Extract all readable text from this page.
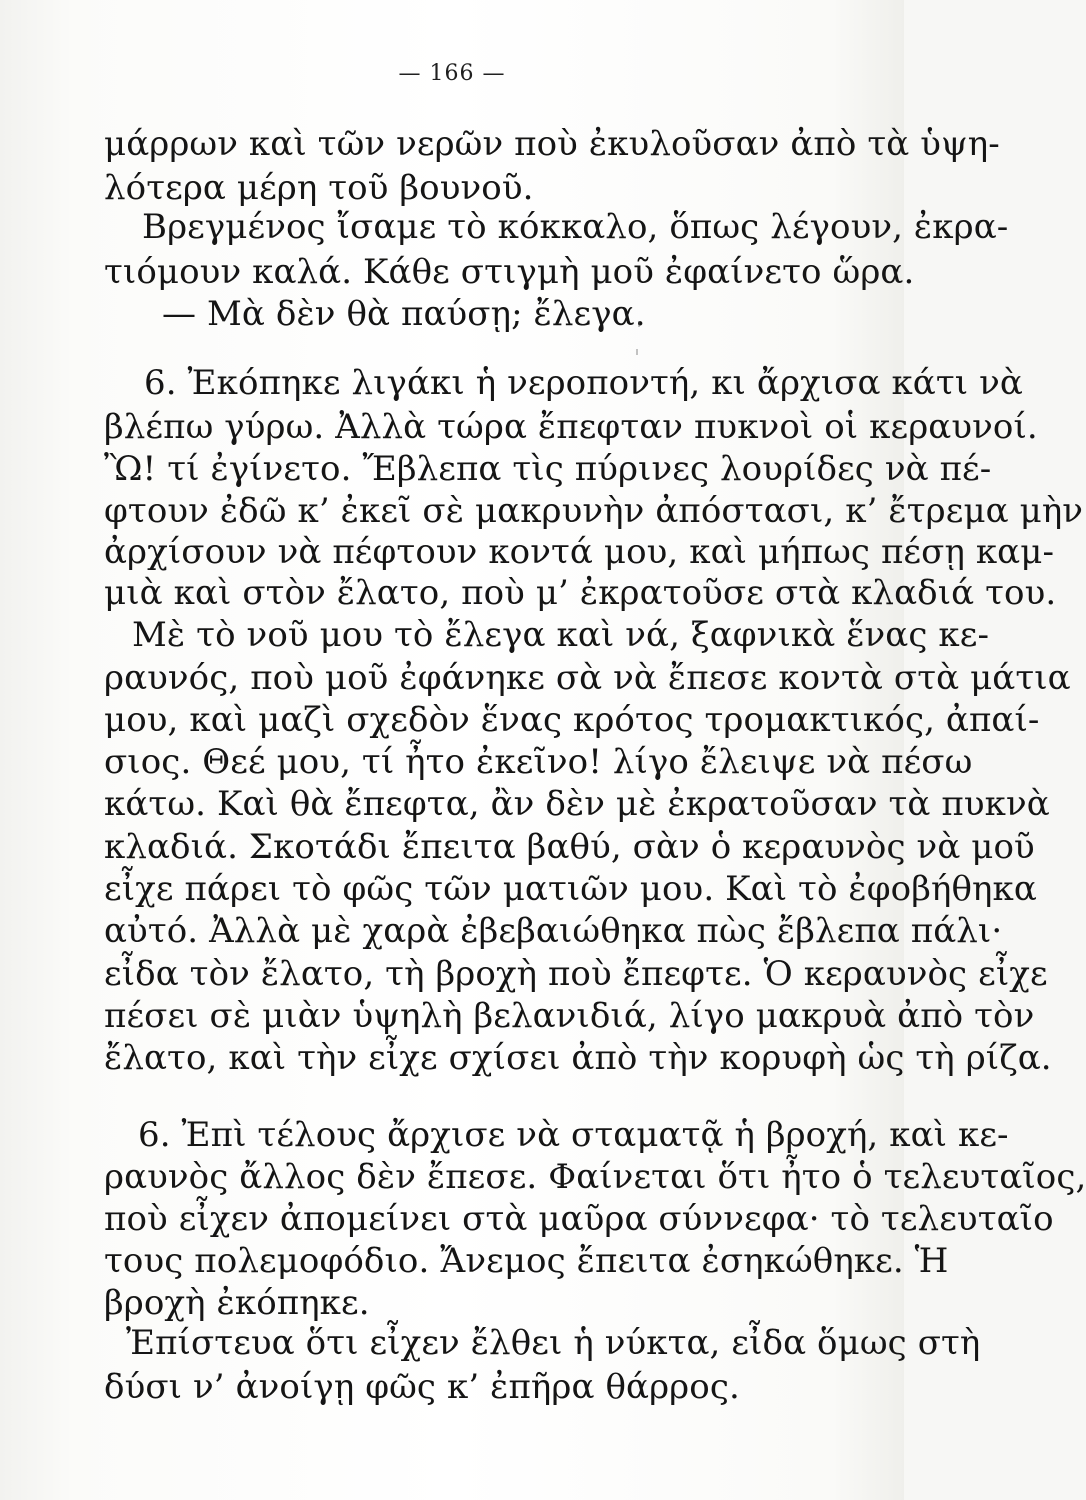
— 166 —
μάρρων καὶ τῶν νερῶν ποὺ ἐκυλοῦσαν ἀπὸ τὰ ὑψη-
λότερα μέρη τοῦ βουνοῦ.
Βρεγμένος ἴσαμε τὸ κόκκαλο, ὅπως λέγουν, ἐκρα-
τιόμουν καλά. Κάθε στιγμὴ μοῦ ἐφαίνετο ὥρα.
— Μὰ δὲν θὰ παύσῃ; ἔλεγα.
6. Ἐκόπηκε λιγάκι ἡ νεροποντή, κι ἄρχισα κάτι νὰ
βλέπω γύρω. Ἀλλὰ τώρα ἔπεφταν πυκνοὶ οἱ κεραυνοί.
Ὢ! τί ἐγίνετο. Ἔβλεπα τὶς πύρινες λουρίδες νὰ πέ-
φτουν ἐδῶ κ’ ἐκεῖ σὲ μακρυνὴν ἀπόστασι, κ’ ἔτρεμα μὴν
ἀρχίσουν νὰ πέφτουν κοντά μου, καὶ μήπως πέσῃ καμ-
μιὰ καὶ στὸν ἔλατο, ποὺ μ’ ἐκρατοῦσε στὰ κλαδιά του.
Μὲ τὸ νοῦ μου τὸ ἔλεγα καὶ νά, ξαφνικὰ ἕνας κε-
ραυνός, ποὺ μοῦ ἐφάνηκε σὰ νὰ ἔπεσε κοντὰ στὰ μάτια
μου, καὶ μαζὶ σχεδὸν ἕνας κρότος τρομακτικός, ἀπαί-
σιος. Θεέ μου, τί ἦτο ἐκεῖνο! λίγο ἔλειψε νὰ πέσω
κάτω. Καὶ θὰ ἔπεφτα, ἂν δὲν μὲ ἐκρατοῦσαν τὰ πυκνὰ
κλαδιά. Σκοτάδι ἔπειτα βαθύ, σὰν ὁ κεραυνὸς νὰ μοῦ
εἶχε πάρει τὸ φῶς τῶν ματιῶν μου. Καὶ τὸ ἐφοβήθηκα
αὐτό. Ἀλλὰ μὲ χαρὰ ἐβεβαιώθηκα πὼς ἔβλεπα πάλι·
εἶδα τὸν ἔλατο, τὴ βροχὴ ποὺ ἔπεφτε. Ὁ κεραυνὸς εἶχε
πέσει σὲ μιὰν ὑψηλὴ βελανιδιά, λίγο μακρυὰ ἀπὸ τὸν
ἔλατο, καὶ τὴν εἶχε σχίσει ἀπὸ τὴν κορυφὴ ὡς τὴ ρίζα.
6. Ἐπὶ τέλους ἄρχισε νὰ σταματᾷ ἡ βροχή, καὶ κε-
ραυνὸς ἄλλος δὲν ἔπεσε. Φαίνεται ὅτι ἦτο ὁ τελευταῖος,
ποὺ εἶχεν ἀπομείνει στὰ μαῦρα σύννεφα· τὸ τελευταῖο
τους πολεμοφόδιο. Ἄνεμος ἔπειτα ἐσηκώθηκε. Ἡ
βροχὴ ἐκόπηκε.
Ἐπίστευα ὅτι εἶχεν ἔλθει ἡ νύκτα, εἶδα ὅμως στὴ
δύσι ν’ ἀνοίγῃ φῶς κ’ ἐπῆρα θάρρος.
